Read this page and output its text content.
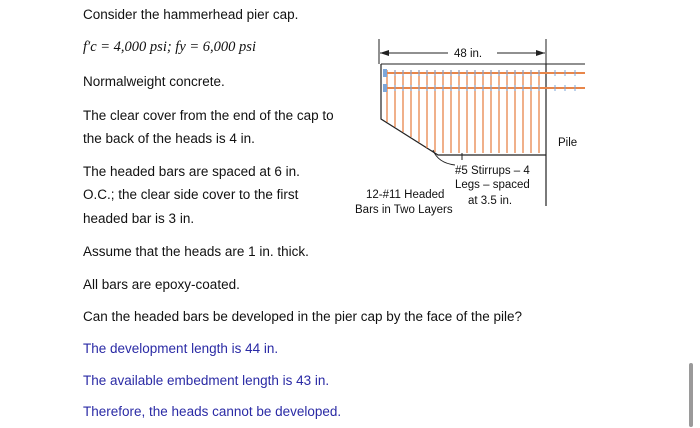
Consider the hammerhead pier cap.
f′c = 4,000 psi; fy = 6,000 psi
Normalweight concrete.
The clear cover from the end of the cap to
the back of the heads is 4 in.
The headed bars are spaced at 6 in.
O.C.; the clear side cover to the first
headed bar is 3 in.
Assume that the heads are 1 in. thick.
All bars are epoxy-coated.
Can the headed bars be developed in the pier cap by the face of the pile?
The development length is 44 in.
The available embedment length is 43 in.
Therefore, the heads cannot be developed.
48 in.
Pile
#5 Stirrups – 4
Legs – spaced
at 3.5 in.
12-#11 Headed
Bars in Two Layers
